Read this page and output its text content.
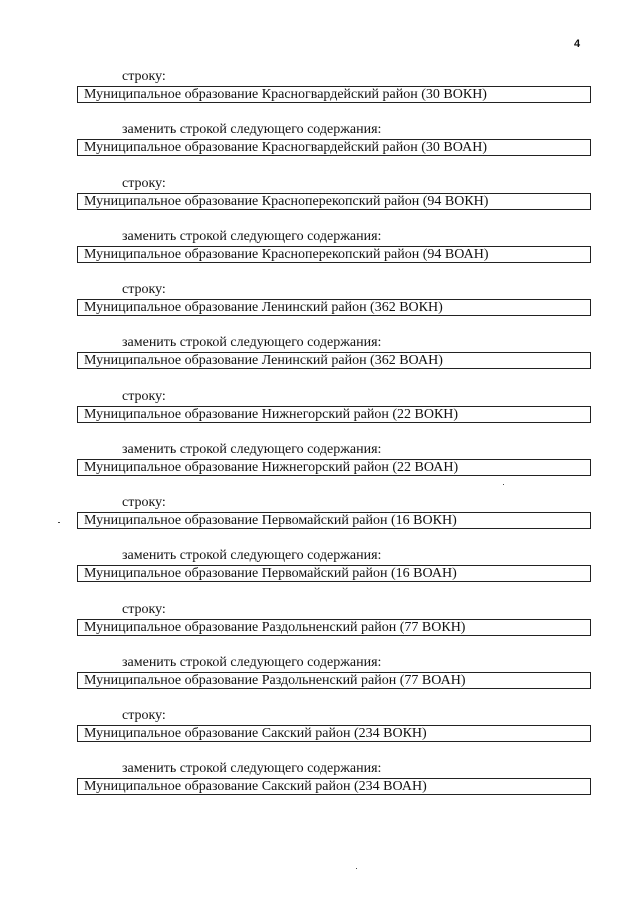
4
строку:
Муниципальное образование Красногвардейский район (30 ВОКН)
заменить строкой следующего содержания:
Муниципальное образование Красногвардейский район (30 ВОАН)
строку:
Муниципальное образование Красноперекопский район (94 ВОКН)
заменить строкой следующего содержания:
Муниципальное образование Красноперекопский район (94 ВОАН)
строку:
Муниципальное образование Ленинский район (362 ВОКН)
заменить строкой следующего содержания:
Муниципальное образование Ленинский район (362 ВОАН)
строку:
Муниципальное образование Нижнегорский район (22 ВОКН)
заменить строкой следующего содержания:
Муниципальное образование Нижнегорский район (22 ВОАН)
строку:
Муниципальное образование Первомайский район (16 ВОКН)
заменить строкой следующего содержания:
Муниципальное образование Первомайский район (16 ВОАН)
строку:
Муниципальное образование Раздольненский район (77 ВОКН)
заменить строкой следующего содержания:
Муниципальное образование Раздольненский район (77 ВОАН)
строку:
Муниципальное образование Сакский район (234 ВОКН)
заменить строкой следующего содержания:
Муниципальное образование Сакский район (234 ВОАН)
